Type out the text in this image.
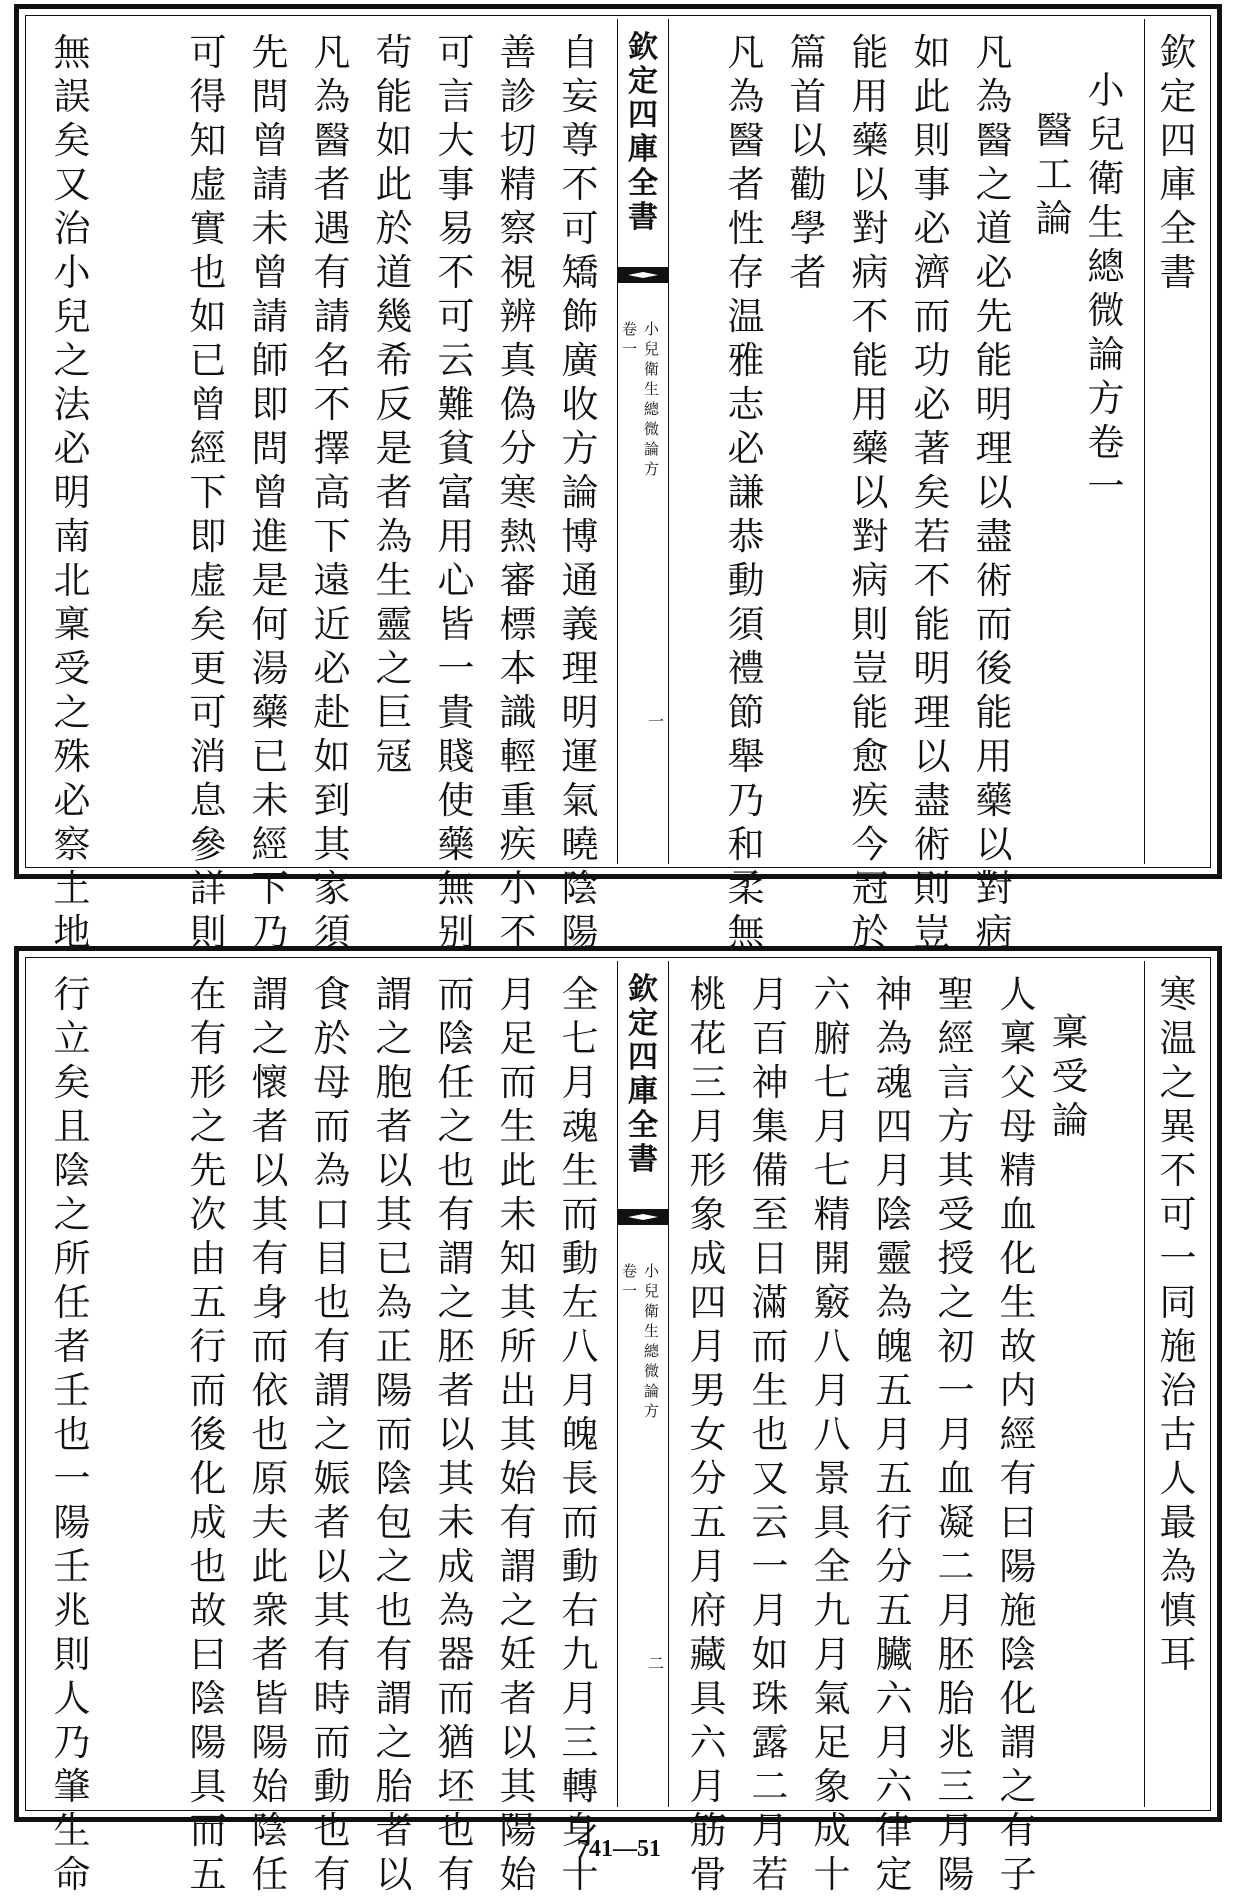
欽
定
四
庫
全
書
小
兒
衛
生
總
微
論
方
卷
一
醫
工
論
凡
為
醫
之
道
必
先
能
明
理
以
盡
術
而
後
能
用
藥
以
對
病
如
此
則
事
必
濟
而
功
必
著
矣
若
不
能
明
理
以
盡
術
則
豈
能
用
藥
以
對
病
不
能
用
藥
以
對
病
則
豈
能
愈
疾
今
冠
於
篇
首
以
勸
學
者
凡
為
醫
者
性
存
温
雅
志
必
謙
恭
動
須
禮
節
舉
乃
和
柔
無
欽
定
四
庫
全
書
小
兒
衛
生
總
微
論
方
卷
一
一
自
妄
尊
不
可
矯
飾
廣
收
方
論
博
通
義
理
明
運
氣
曉
陰
陽
善
診
切
精
察
視
辨
真
偽
分
寒
熱
審
標
本
識
輕
重
疾
小
不
可
言
大
事
易
不
可
云
難
貧
富
用
心
皆
一
貴
賤
使
藥
無
别
茍
能
如
此
於
道
幾
希
反
是
者
為
生
靈
之
巨
冦
凡
為
醫
者
遇
有
請
名
不
擇
高
下
遠
近
必
赴
如
到
其
家
須
先
問
曾
請
未
曾
請
師
即
問
曾
進
是
何
湯
藥
已
未
經
下
乃
可
得
知
虚
實
也
如
已
曾
經
下
即
虚
矣
更
可
消
息
參
詳
則
無
誤
矣
又
治
小
兒
之
法
必
明
南
北
稟
受
之
殊
必
察
土
地
寒
温
之
異
不
可
一
同
施
治
古
人
最
為
慎
耳
稟
受
論
人
稟
父
母
精
血
化
生
故
内
經
有
曰
陽
施
陰
化
謂
之
有
子
聖
經
言
方
其
受
授
之
初
一
月
血
凝
二
月
胚
胎
兆
三
月
陽
神
為
魂
四
月
陰
靈
為
魄
五
月
五
行
分
五
臟
六
月
六
律
定
六
腑
七
月
七
精
開
竅
八
月
八
景
具
全
九
月
氣
足
象
成
十
月
百
神
集
備
至
日
滿
而
生
也
又
云
一
月
如
珠
露
二
月
若
桃
花
三
月
形
象
成
四
月
男
女
分
五
月
府
藏
具
六
月
筋
骨
欽
定
四
庫
全
書
小
兒
衛
生
總
微
論
方
卷
一
二
全
七
月
魂
生
而
動
左
八
月
魄
長
而
動
右
九
月
三
轉
身
十
月
足
而
生
此
未
知
其
所
出
其
始
有
謂
之
妊
者
以
其
陽
始
而
陰
任
之
也
有
謂
之
胚
者
以
其
未
成
為
器
而
猶
坯
也
有
謂
之
胞
者
以
其
已
為
正
陽
而
陰
包
之
也
有
謂
之
胎
者
以
食
於
母
而
為
口
目
也
有
謂
之
娠
者
以
其
有
時
而
動
也
有
謂
之
懷
者
以
其
有
身
而
依
也
原
夫
此
衆
者
皆
陽
始
陰
任
在
有
形
之
先
次
由
五
行
而
後
化
成
也
故
曰
陰
陽
具
而
五
行
立
矣
且
陰
之
所
任
者
壬
也
一
陽
壬
兆
則
人
乃
肇
生
命
741—51
